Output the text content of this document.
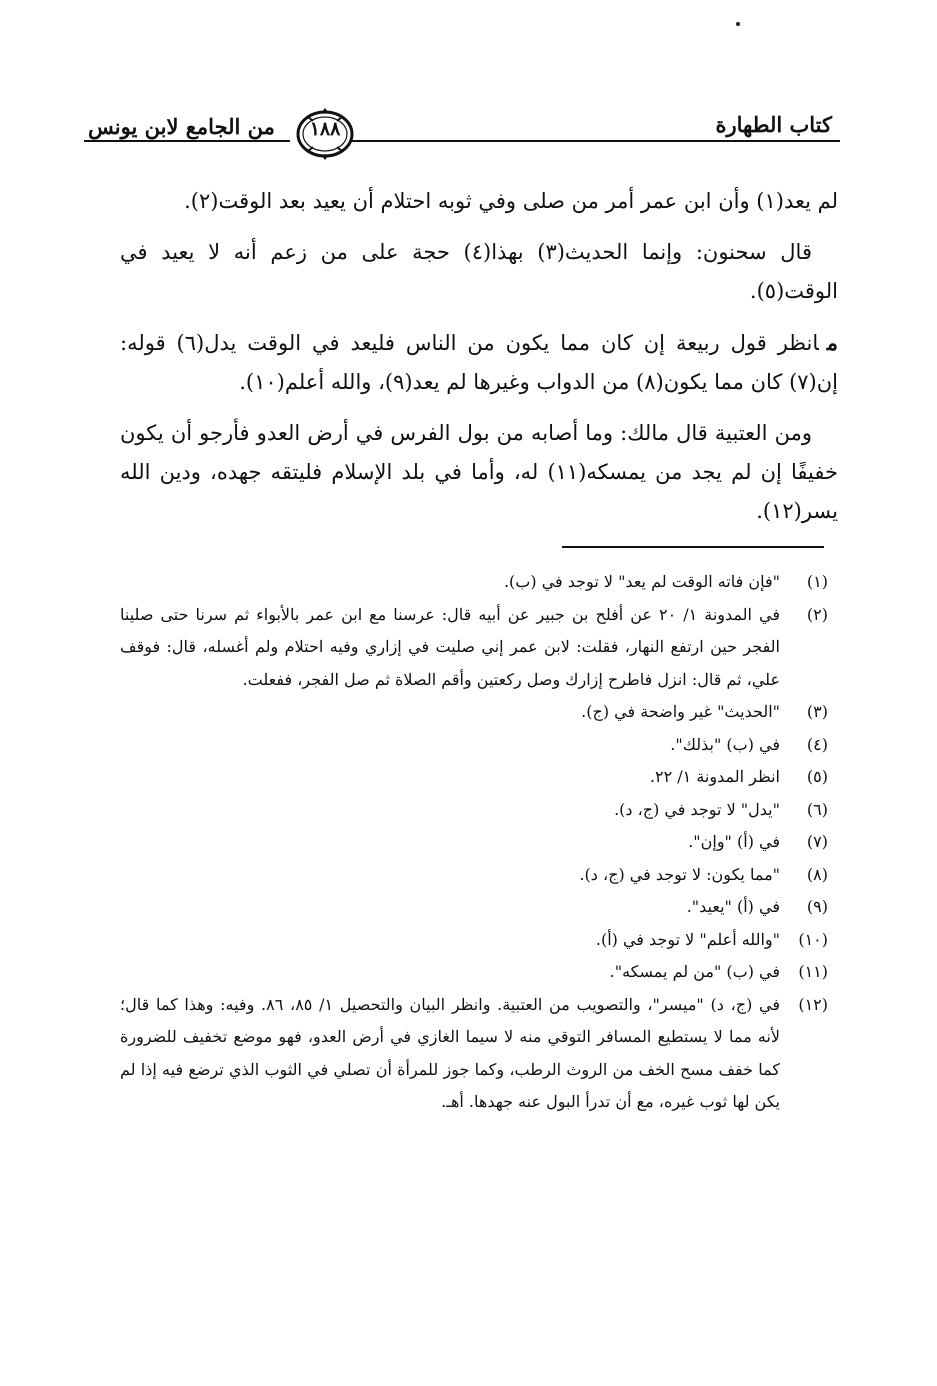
كتاب الطهارة
١٨٨
من الجامع لابن يونس

لم يعد(١) وأن ابن عمر أمر من صلى وفي ثوبه احتلام أن يعيد بعد الوقت(٢).

قال سحنون: وإنما الحديث(٣) بهذا(٤) حجة على من زعم أنه لا يعيد في الوقت(٥).

مانظر قول ربيعة إن كان مما يكون من الناس فليعد في الوقت يدل(٦) قوله: إن(٧) كان مما يكون(٨) من الدواب وغيرها لم يعد(٩)، والله أعلم(١٠).

ومن العتبية قال مالك: وما أصابه من بول الفرس في أرض العدو فأرجو أن يكون خفيفًا إن لم يجد من يمسكه(١١) له، وأما في بلد الإسلام فليتقه جهده، ودين الله يسر(١٢).

(١)
"فإن فاته الوقت لم يعد" لا توجد في (ب).
(٢)
في المدونة ١/ ٢٠ عن أفلح بن جبير عن أبيه قال: عرسنا مع ابن عمر بالأبواء ثم سرنا حتى صلينا الفجر حين ارتفع النهار، فقلت: لابن عمر إني صليت في إزاري وفيه احتلام ولم أغسله، قال: فوقف علي، ثم قال: انزل فاطرح إزارك وصل ركعتين وأقم الصلاة ثم صل الفجر، ففعلت.
(٣)
"الحديث" غير واضحة في (ج).
(٤)
في (ب) "بذلك".
(٥)
انظر المدونة ١/ ٢٢.
(٦)
"يدل" لا توجد في (ج، د).
(٧)
في (أ) "وإن".
(٨)
"مما يكون: لا توجد في (ج، د).
(٩)
في (أ) "يعيد".
(١٠)
"والله أعلم" لا توجد في (أ).
(١١)
في (ب) "من لم يمسكه".
(١٢)
في (ج، د) "ميسر"، والتصويب من العتبية. وانظر البيان والتحصيل ١/ ٨٥، ٨٦. وفيه: وهذا كما قال؛ لأنه مما لا يستطيع المسافر التوقي منه لا سيما الغازي في أرض العدو، فهو موضع تخفيف للضرورة كما خفف مسح الخف من الروث الرطب، وكما جوز للمرأة أن تصلي في الثوب الذي ترضع فيه إذا لم يكن لها ثوب غيره، مع أن تدرأ البول عنه جهدها. أهـ.
